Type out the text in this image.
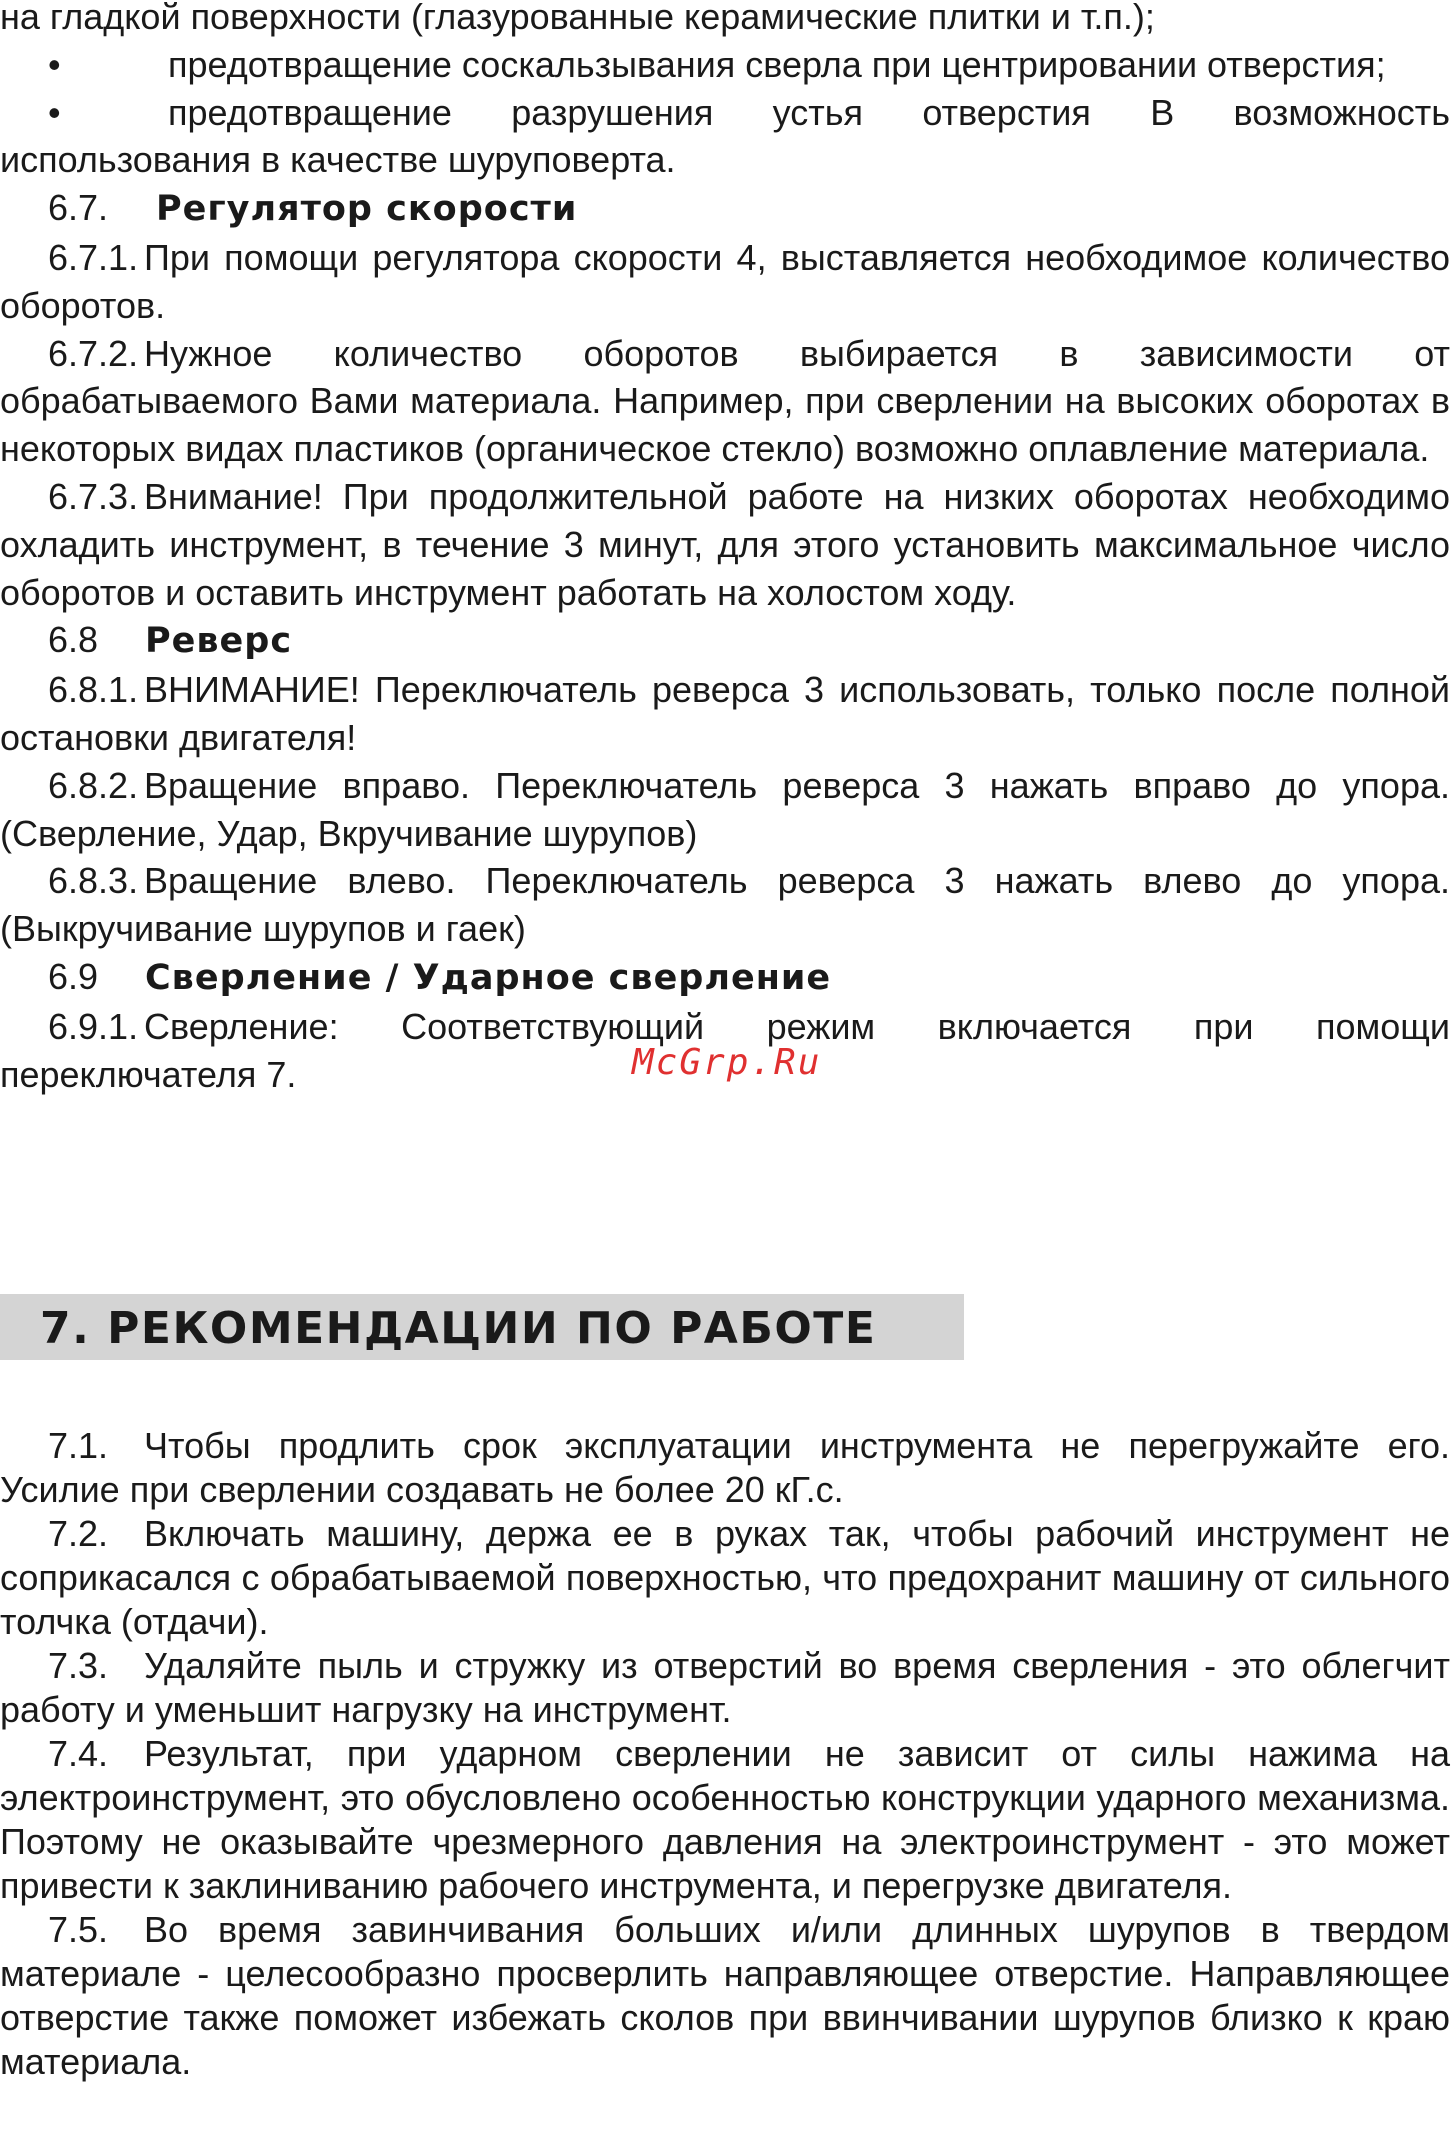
на гладкой поверхности (глазурованные керамические плитки и т.п.);

•	предотвращение соскальзывания сверла при центрировании отверстия;

•	предотвращение разрушения устья отверстия В возможность использования в качестве шуруповерта.

6.7. Регулятор скорости

6.7.1. При помощи регулятора скорости 4, выставляется необходимое количество оборотов.

6.7.2. Нужное количество оборотов выбирается в зависимости от обрабатываемого Вами материала. Например, при сверлении на высоких оборотах в некоторых видах пластиков (органическое стекло) возможно оплавление материала.

6.7.3. Внимание! При продолжительной работе на низких оборотах необходимо охладить инструмент, в течение 3 минут, для этого установить максимальное число оборотов и оставить инструмент работать на холостом ходу.

6.8 Реверс

6.8.1. ВНИМАНИЕ! Переключатель реверса 3 использовать, только после полной остановки двигателя!

6.8.2. Вращение вправо. Переключатель реверса 3 нажать вправо до упора. (Сверление, Удар, Вкручивание шурупов)

6.8.3. Вращение влево. Переключатель реверса 3 нажать влево до упора. (Выкручивание шурупов и гаек)

6.9 Сверление / Ударное сверление

6.9.1. Сверление: Соответствующий режим включается при помощи переключателя 7.	McGrp.Ru
7. РЕКОМЕНДАЦИИ ПО РАБОТЕ

7.1. Чтобы продлить срок эксплуатации инструмента не перегружайте его. Усилие при сверлении создавать не более 20 кГ.с.

7.2. Включать машину, держа ее в руках так, чтобы рабочий инструмент не соприкасался с обрабатываемой поверхностью, что предохранит машину от сильного толчка (отдачи).

7.3. Удаляйте пыль и стружку из отверстий во время сверления - это облегчит работу и уменьшит нагрузку на инструмент.

7.4. Результат, при ударном сверлении не зависит от силы нажима на электроинструмент, это обусловлено особенностью конструкции ударного механизма. Поэтому не оказывайте чрезмерного давления на электроинструмент - это может привести к заклиниванию рабочего инструмента, и перегрузке двигателя.

7.5. Во время завинчивания больших и/или длинных шурупов в твердом материале - целесообразно просверлить направляющее отверстие. Направляющее отверстие также поможет избежать сколов при ввинчивании шурупов близко к краю материала.
